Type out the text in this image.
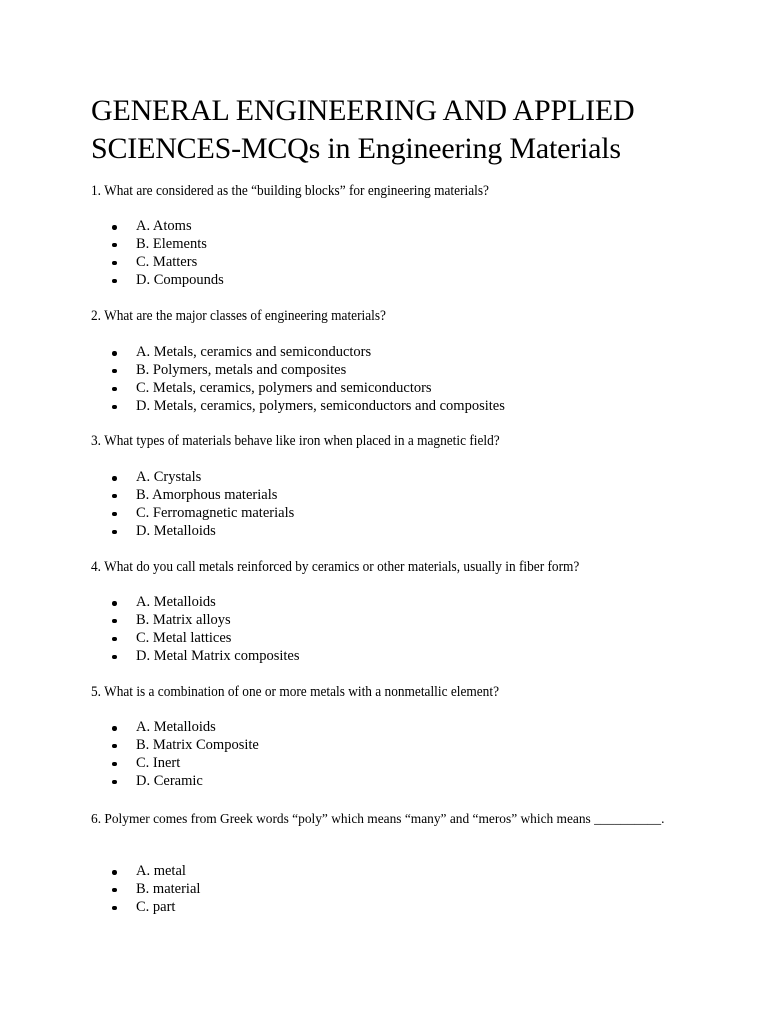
GENERAL ENGINEERING AND APPLIED SCIENCES-MCQs in Engineering Materials
1. What are considered as the “building blocks” for engineering materials?
A. Atoms
B. Elements
C. Matters
D. Compounds
2. What are the major classes of engineering materials?
A. Metals, ceramics and semiconductors
B. Polymers, metals and composites
C. Metals, ceramics, polymers and semiconductors
D. Metals, ceramics, polymers, semiconductors and composites
3. What types of materials behave like iron when placed in a magnetic field?
A. Crystals
B. Amorphous materials
C. Ferromagnetic materials
D. Metalloids
4. What do you call metals reinforced by ceramics or other materials, usually in fiber form?
A. Metalloids
B. Matrix alloys
C. Metal lattices
D. Metal Matrix composites
5. What is a combination of one or more metals with a nonmetallic element?
A. Metalloids
B. Matrix Composite
C. Inert
D. Ceramic
6. Polymer comes from Greek words “poly” which means “many” and “meros” which means __________.
A. metal
B. material
C. part
